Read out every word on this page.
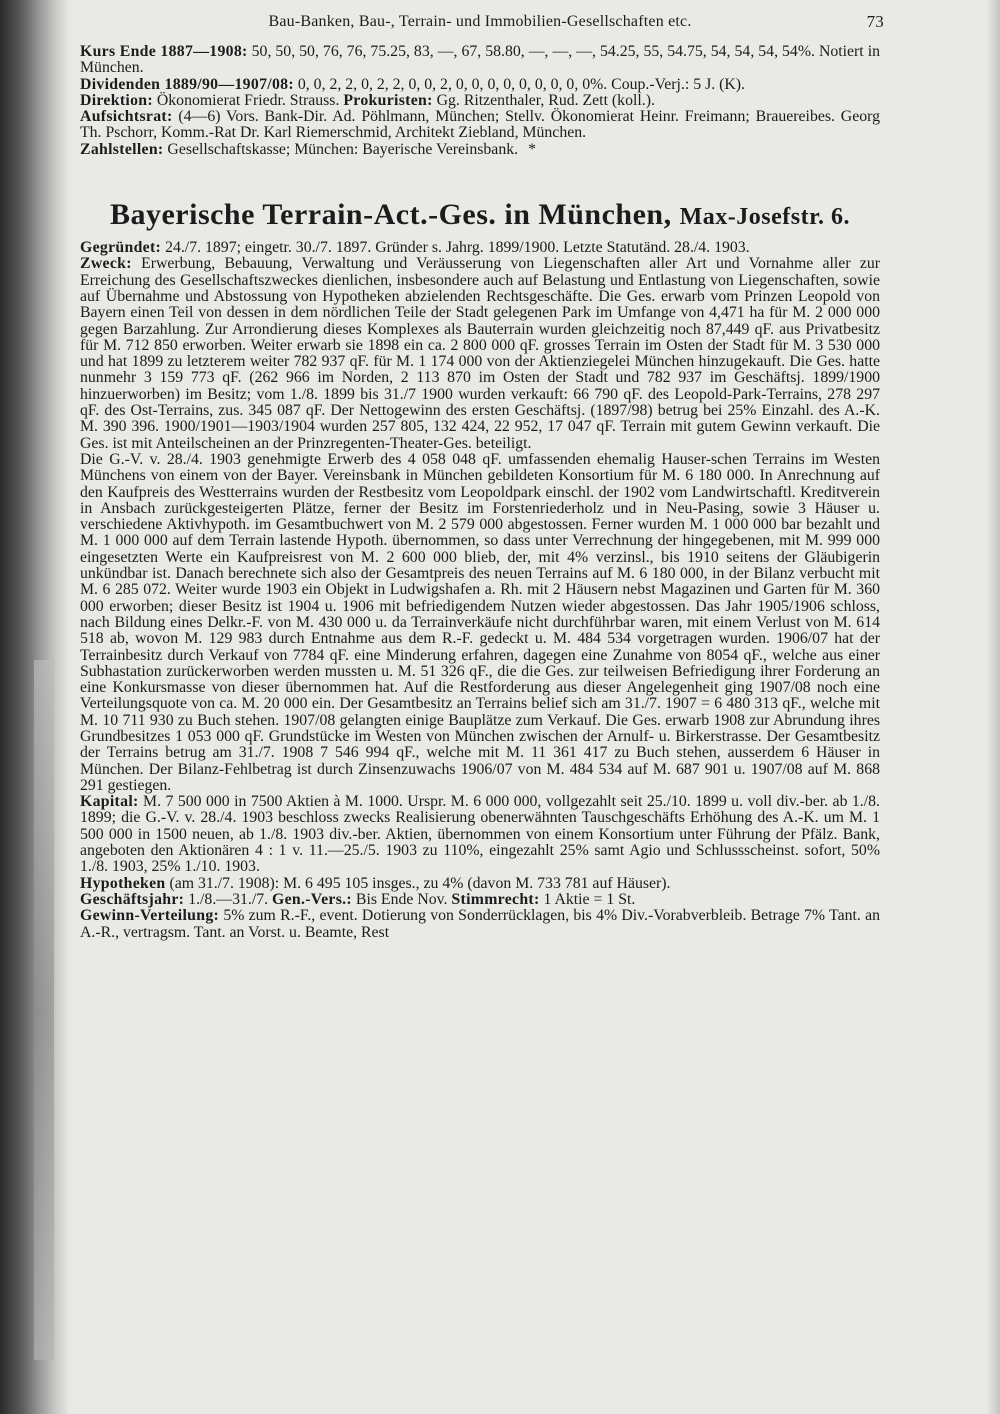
Bau-Banken, Bau-, Terrain- und Immobilien-Gesellschaften etc.	73

Kurs Ende 1887—1908: 50, 50, 50, 76, 76, 75.25, 83, —, 67, 58.80, —, —, —, 54.25, 55, 54.75, 54, 54, 54, 54%. Notiert in München.

Dividenden 1889/90—1907/08: 0, 0, 2, 2, 0, 2, 2, 0, 0, 2, 0, 0, 0, 0, 0, 0, 0, 0, 0%. Coup.-Verj.: 5 J. (K).

Direktion: Ökonomierat Friedr. Strauss. Prokuristen: Gg. Ritzenthaler, Rud. Zett (koll.).

Aufsichtsrat: (4—6) Vors. Bank-Dir. Ad. Pöhlmann, München; Stellv. Ökonomierat Heinr. Freimann; Brauereibes. Georg Th. Pschorr, Komm.-Rat Dr. Karl Riemerschmid, Architekt Ziebland, München.

Zahlstellen: Gesellschaftskasse; München: Bayerische Vereinsbank. *

Bayerische Terrain-Act.-Ges. in München, Max-Josefstr. 6.

Gegründet: 24./7. 1897; eingetr. 30./7. 1897. Gründer s. Jahrg. 1899/1900. Letzte Statutänd. 28./4. 1903.

Zweck: Erwerbung, Bebauung, Verwaltung und Veräusserung von Liegenschaften aller Art und Vornahme aller zur Erreichung des Gesellschaftszweckes dienlichen, insbesondere auch auf Belastung und Entlastung von Liegenschaften, sowie auf Übernahme und Abstossung von Hypotheken abzielenden Rechtsgeschäfte. Die Ges. erwarb vom Prinzen Leopold von Bayern einen Teil von dessen in dem nördlichen Teile der Stadt gelegenen Park im Umfange von 4,471 ha für M. 2 000 000 gegen Barzahlung. Zur Arrondierung dieses Komplexes als Bauterrain wurden gleichzeitig noch 87,449 qF. aus Privatbesitz für M. 712 850 erworben. Weiter erwarb sie 1898 ein ca. 2 800 000 qF. grosses Terrain im Osten der Stadt für M. 3 530 000 und hat 1899 zu letzterem weiter 782 937 qF. für M. 1 174 000 von der Aktienziegelei München hinzugekauft. Die Ges. hatte nunmehr 3 159 773 qF. (262 966 im Norden, 2 113 870 im Osten der Stadt und 782 937 im Geschäftsj. 1899/1900 hinzuerworben) im Besitz; vom 1./8. 1899 bis 31./7 1900 wurden verkauft: 66 790 qF. des Leopold-Park-Terrains, 278 297 qF. des Ost-Terrains, zus. 345 087 qF. Der Nettogewinn des ersten Geschäftsj. (1897/98) betrug bei 25% Einzahl. des A.-K. M. 390 396. 1900/1901—1903/1904 wurden 257 805, 132 424, 22 952, 17 047 qF. Terrain mit gutem Gewinn verkauft. Die Ges. ist mit Anteilscheinen an der Prinzregenten-Theater-Ges. beteiligt.

Die G.-V. v. 28./4. 1903 genehmigte Erwerb des 4 058 048 qF. umfassenden ehemalig Hauser-schen Terrains im Westen Münchens von einem von der Bayer. Vereinsbank in München gebildeten Konsortium für M. 6 180 000. In Anrechnung auf den Kaufpreis des Westterrains wurden der Restbesitz vom Leopoldpark einschl. der 1902 vom Landwirtschaftl. Kreditverein in Ansbach zurückgesteigerten Plätze, ferner der Besitz im Forstenriederholz und in Neu-Pasing, sowie 3 Häuser u. verschiedene Aktivhypoth. im Gesamtbuchwert von M. 2 579 000 abgestossen. Ferner wurden M. 1 000 000 bar bezahlt und M. 1 000 000 auf dem Terrain lastende Hypoth. übernommen, so dass unter Verrechnung der hingegebenen, mit M. 999 000 eingesetzten Werte ein Kaufpreisrest von M. 2 600 000 blieb, der, mit 4% verzinsl., bis 1910 seitens der Gläubigerin unkündbar ist. Danach berechnete sich also der Gesamtpreis des neuen Terrains auf M. 6 180 000, in der Bilanz verbucht mit M. 6 285 072. Weiter wurde 1903 ein Objekt in Ludwigshafen a. Rh. mit 2 Häusern nebst Magazinen und Garten für M. 360 000 erworben; dieser Besitz ist 1904 u. 1906 mit befriedigendem Nutzen wieder abgestossen. Das Jahr 1905/1906 schloss, nach Bildung eines Delkr.-F. von M. 430 000 u. da Terrainverkäufe nicht durchführbar waren, mit einem Verlust von M. 614 518 ab, wovon M. 129 983 durch Entnahme aus dem R.-F. gedeckt u. M. 484 534 vorgetragen wurden. 1906/07 hat der Terrainbesitz durch Verkauf von 7784 qF. eine Minderung erfahren, dagegen eine Zunahme von 8054 qF., welche aus einer Subhastation zurückerworben werden mussten u. M. 51 326 qF., die die Ges. zur teilweisen Befriedigung ihrer Forderung an eine Konkursmasse von dieser übernommen hat. Auf die Restforderung aus dieser Angelegenheit ging 1907/08 noch eine Verteilungsquote von ca. M. 20 000 ein. Der Gesamtbesitz an Terrains belief sich am 31./7. 1907 = 6 480 313 qF., welche mit M. 10 711 930 zu Buch stehen. 1907/08 gelangten einige Bauplätze zum Verkauf. Die Ges. erwarb 1908 zur Abrundung ihres Grundbesitzes 1 053 000 qF. Grundstücke im Westen von München zwischen der Arnulf- u. Birkerstrasse. Der Gesamtbesitz der Terrains betrug am 31./7. 1908 7 546 994 qF., welche mit M. 11 361 417 zu Buch stehen, ausserdem 6 Häuser in München. Der Bilanz-Fehlbetrag ist durch Zinsenzuwachs 1906/07 von M. 484 534 auf M. 687 901 u. 1907/08 auf M. 868 291 gestiegen.

Kapital: M. 7 500 000 in 7500 Aktien à M. 1000. Urspr. M. 6 000 000, vollgezahlt seit 25./10. 1899 u. voll div.-ber. ab 1./8. 1899; die G.-V. v. 28./4. 1903 beschloss zwecks Realisierung obenerwähnten Tauschgeschäfts Erhöhung des A.-K. um M. 1 500 000 in 1500 neuen, ab 1./8. 1903 div.-ber. Aktien, übernommen von einem Konsortium unter Führung der Pfälz. Bank, angeboten den Aktionären 4 : 1 v. 11.—25./5. 1903 zu 110%, eingezahlt 25% samt Agio und Schlussscheinst. sofort, 50% 1./8. 1903, 25% 1./10. 1903.

Hypotheken (am 31./7. 1908): M. 6 495 105 insges., zu 4% (davon M. 733 781 auf Häuser).

Geschäftsjahr: 1./8.—31./7. Gen.-Vers.: Bis Ende Nov. Stimmrecht: 1 Aktie = 1 St.

Gewinn-Verteilung: 5% zum R.-F., event. Dotierung von Sonderrücklagen, bis 4% Div.-Vorabverbleib. Betrage 7% Tant. an A.-R., vertragsm. Tant. an Vorst. u. Beamte, Rest
